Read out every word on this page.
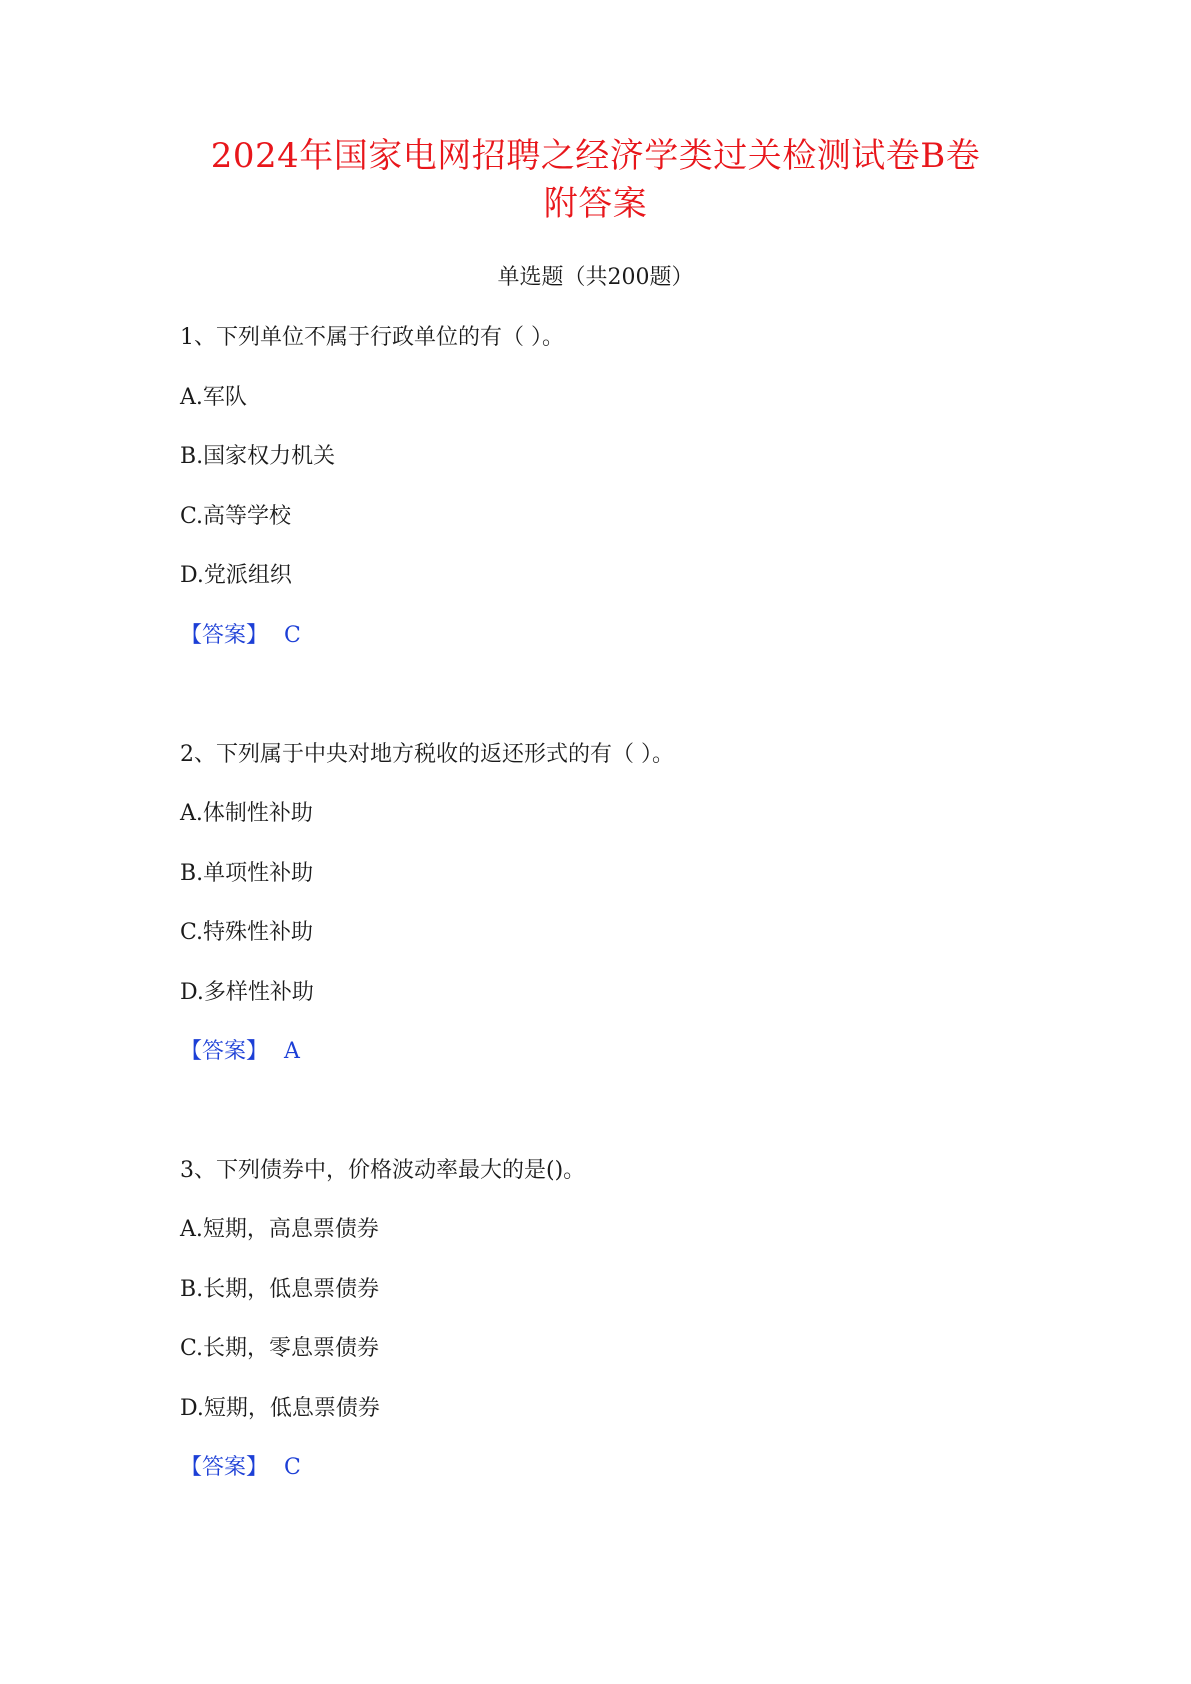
2024年国家电网招聘之经济学类过关检测试卷B卷
附答案
单选题（共200题）
1、下列单位不属于行政单位的有（ ）。
A.军队
B.国家权力机关
C.高等学校
D.党派组织
【答案】 C
2、下列属于中央对地方税收的返还形式的有（ ）。
A.体制性补助
B.单项性补助
C.特殊性补助
D.多样性补助
【答案】 A
3、下列债券中，价格波动率最大的是()。
A.短期，高息票债券
B.长期，低息票债券
C.长期，零息票债券
D.短期，低息票债券
【答案】 C
